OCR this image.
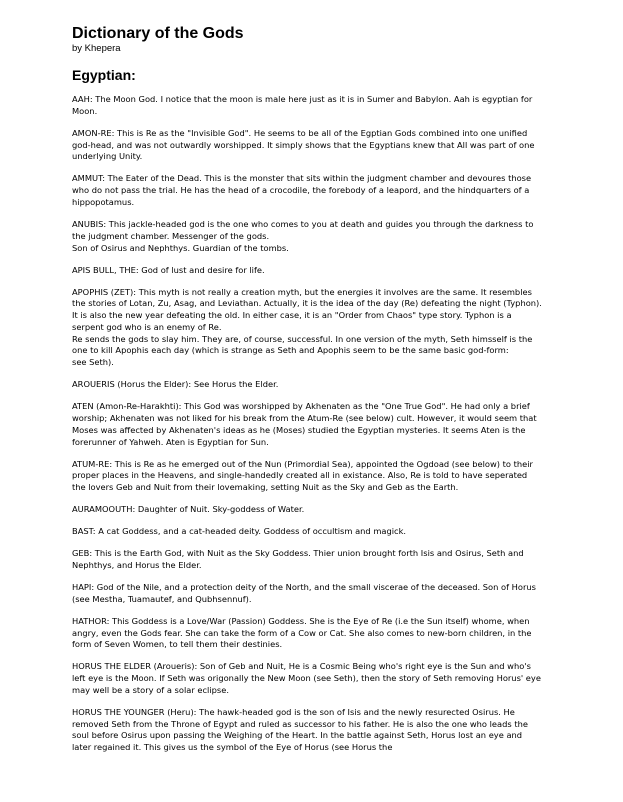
Dictionary of the Gods
by Khepera
Egyptian:

AAH: The Moon God. I notice that the moon is male here just as it is in Sumer and Babylon. Aah is egyptian for Moon.

AMON-RE: This is Re as the "Invisible God". He seems to be all of the Egptian Gods combined into one unified god-head, and was not outwardly worshipped. It simply shows that the Egyptians knew that All was part of one underlying Unity.

AMMUT: The Eater of the Dead. This is the monster that sits within the judgment chamber and devoures those who do not pass the trial. He has the head of a crocodile, the forebody of a leapord, and the hindquarters of a hippopotamus.

ANUBIS: This jackle-headed god is the one who comes to you at death and guides you through the darkness to the judgment chamber. Messenger of the gods.
Son of Osirus and Nephthys. Guardian of the tombs.

APIS BULL, THE: God of lust and desire for life.

APOPHIS (ZET): This myth is not really a creation myth, but the energies it involves are the same. It resembles the stories of Lotan, Zu, Asag, and Leviathan. Actually, it is the idea of the day (Re) defeating the night (Typhon). It is also the new year defeating the old. In either case, it is an "Order from Chaos" type story. Typhon is a serpent god who is an enemy of Re.
Re sends the gods to slay him. They are, of course, successful. In one version of the myth, Seth himsself is the one to kill Apophis each day (which is strange as Seth and Apophis seem to be the same basic god-form:
see Seth).

AROUERIS (Horus the Elder): See Horus the Elder.

ATEN (Amon-Re-Harakhti): This God was worshipped by Akhenaten as the "One True God". He had only a brief worship; Akhenaten was not liked for his break from the Atum-Re (see below) cult. However, it would seem that Moses was affected by Akhenaten's ideas as he (Moses) studied the Egyptian mysteries. It seems Aten is the forerunner of Yahweh. Aten is Egyptian for Sun.

ATUM-RE: This is Re as he emerged out of the Nun (Primordial Sea), appointed the Ogdoad (see below) to their proper places in the Heavens, and single-handedly created all in existance. Also, Re is told to have seperated the lovers Geb and Nuit from their lovemaking, setting Nuit as the Sky and Geb as the Earth.

AURAMOOUTH: Daughter of Nuit. Sky-goddess of Water.

BAST: A cat Goddess, and a cat-headed deity. Goddess of occultism and magick.

GEB: This is the Earth God, with Nuit as the Sky Goddess. Thier union brought forth Isis and Osirus, Seth and Nephthys, and Horus the Elder.

HAPI: God of the Nile, and a protection deity of the North, and the small viscerae of the deceased. Son of Horus (see Mestha, Tuamautef, and Qubhsennuf).

HATHOR: This Goddess is a Love/War (Passion) Goddess. She is the Eye of Re (i.e the Sun itself) whome, when angry, even the Gods fear. She can take the form of a Cow or Cat. She also comes to new-born children, in the form of Seven Women, to tell them their destinies.

HORUS THE ELDER (Aroueris): Son of Geb and Nuit, He is a Cosmic Being who's right eye is the Sun and who's left eye is the Moon. If Seth was origonally the New Moon (see Seth), then the story of Seth removing Horus' eye may well be a story of a solar eclipse.

HORUS THE YOUNGER (Heru): The hawk-headed god is the son of Isis and the newly resurected Osirus. He removed Seth from the Throne of Egypt and ruled as successor to his father. He is also the one who leads the soul before Osirus upon passing the Weighing of the Heart. In the battle against Seth, Horus lost an eye and later regained it. This gives us the symbol of the Eye of Horus (see Horus the
